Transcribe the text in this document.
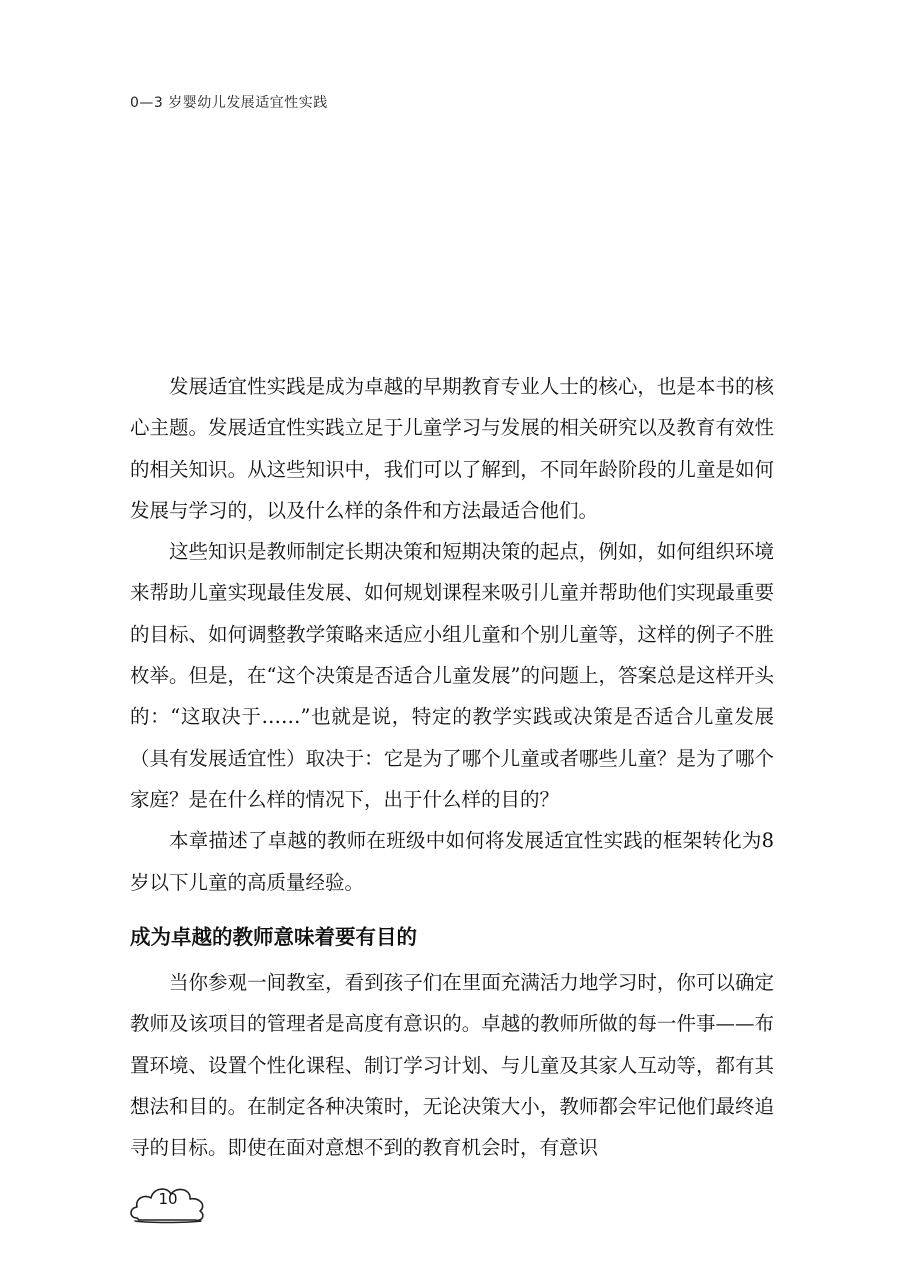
0—3 岁婴幼儿发展适宜性实践

发展适宜性实践是成为卓越的早期教育专业人士的核心，也是本书的核心主题。发展适宜性实践立足于儿童学习与发展的相关研究以及教育有效性的相关知识。从这些知识中，我们可以了解到，不同年龄阶段的儿童是如何发展与学习的，以及什么样的条件和方法最适合他们。

这些知识是教师制定长期决策和短期决策的起点，例如，如何组织环境来帮助儿童实现最佳发展、如何规划课程来吸引儿童并帮助他们实现最重要的目标、如何调整教学策略来适应小组儿童和个别儿童等，这样的例子不胜枚举。但是，在“这个决策是否适合儿童发展”的问题上，答案总是这样开头的：“这取决于……”也就是说，特定的教学实践或决策是否适合儿童发展（具有发展适宜性）取决于：它是为了哪个儿童或者哪些儿童？是为了哪个家庭？是在什么样的情况下，出于什么样的目的？

本章描述了卓越的教师在班级中如何将发展适宜性实践的框架转化为8岁以下儿童的高质量经验。

成为卓越的教师意味着要有目的

当你参观一间教室，看到孩子们在里面充满活力地学习时，你可以确定教师及该项目的管理者是高度有意识的。卓越的教师所做的每一件事——布置环境、设置个性化课程、制订学习计划、与儿童及其家人互动等，都有其想法和目的。在制定各种决策时，无论决策大小，教师都会牢记他们最终追寻的目标。即使在面对意想不到的教育机会时，有意识

10
